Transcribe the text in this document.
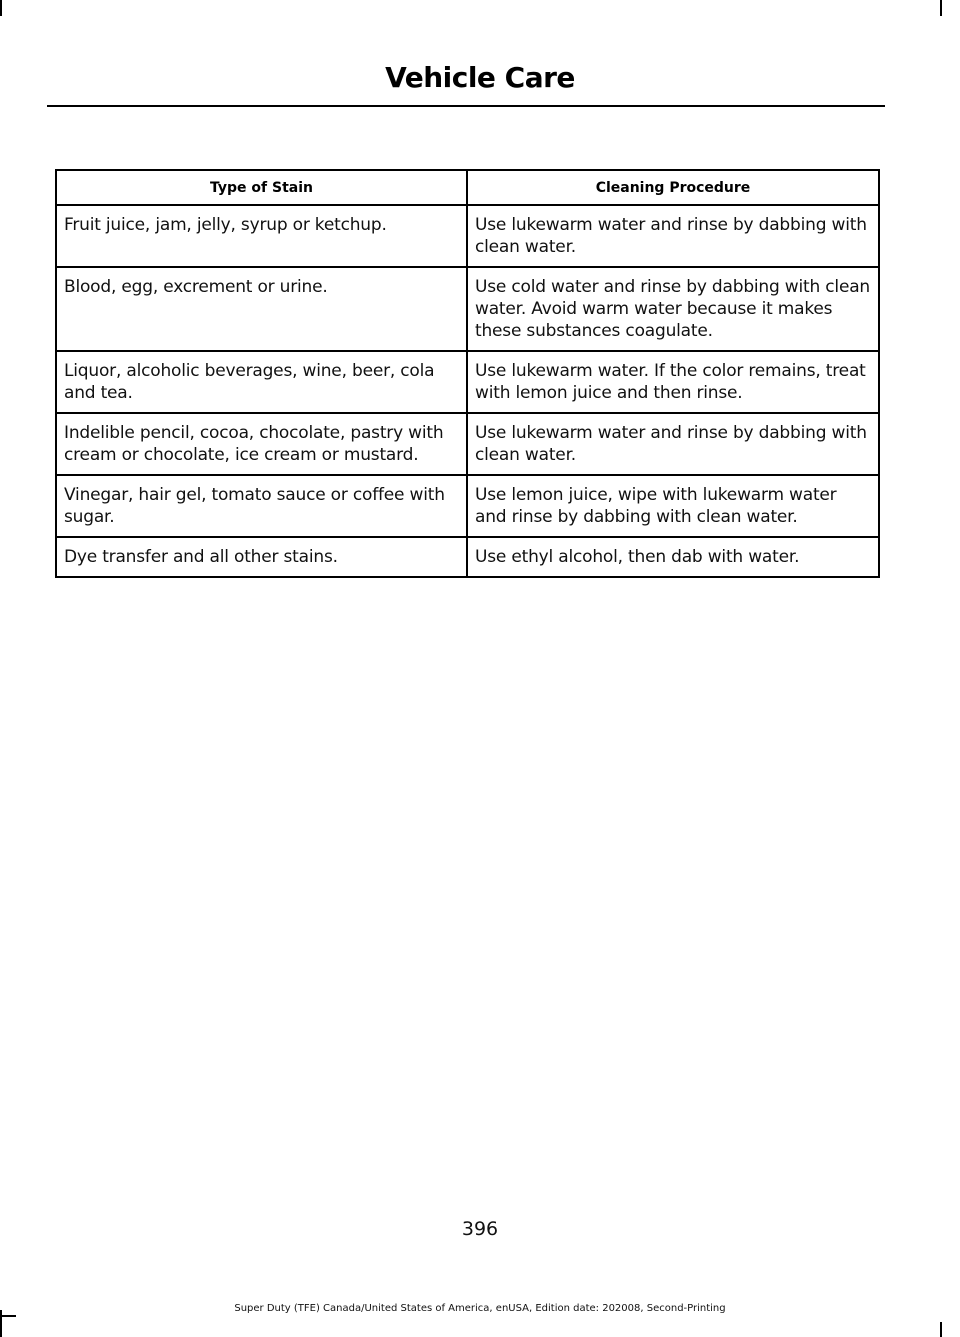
Vehicle Care
Type of Stain	Cleaning Procedure
Fruit juice, jam, jelly, syrup or ketchup.	Use lukewarm water and rinse by dabbing with clean water.
Blood, egg, excrement or urine.	Use cold water and rinse by dabbing with clean water. Avoid warm water because it makes these substances coagulate.
Liquor, alcoholic beverages, wine, beer, cola and tea.	Use lukewarm water. If the color remains, treat with lemon juice and then rinse.
Indelible pencil, cocoa, chocolate, pastry with cream or chocolate, ice cream or mustard.	Use lukewarm water and rinse by dabbing with clean water.
Vinegar, hair gel, tomato sauce or coffee with sugar.	Use lemon juice, wipe with lukewarm water and rinse by dabbing with clean water.
Dye transfer and all other stains.	Use ethyl alcohol, then dab with water.
396
Super Duty (TFE) Canada/United States of America, enUSA, Edition date: 202008, Second-Printing
